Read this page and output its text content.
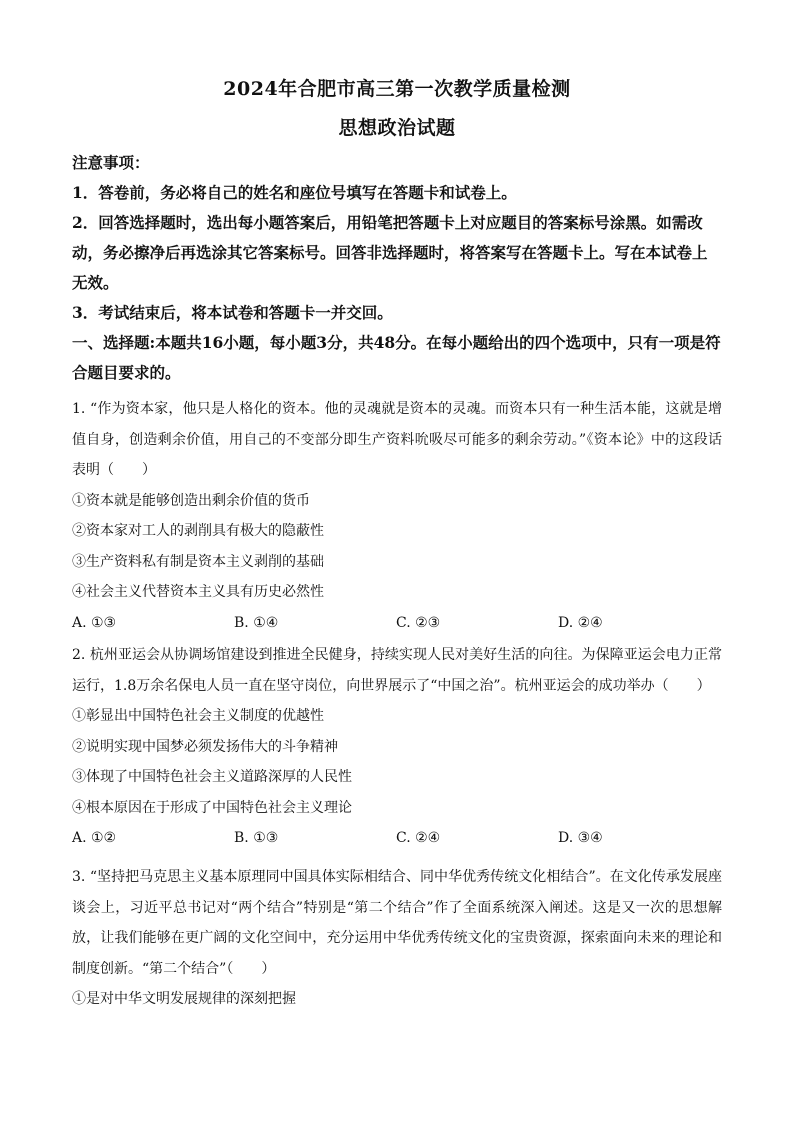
2024年合肥市高三第一次教学质量检测
思想政治试题

注意事项：

1．答卷前，务必将自己的姓名和座位号填写在答题卡和试卷上。

2．回答选择题时，选出每小题答案后，用铅笔把答题卡上对应题目的答案标号涂黑。如需改动，务必擦净后再选涂其它答案标号。回答非选择题时，将答案写在答题卡上。写在本试卷上无效。

3．考试结束后，将本试卷和答题卡一并交回。

一、选择题:本题共16小题，每小题3分，共48分。在每小题给出的四个选项中，只有一项是符合题目要求的。

1. “作为资本家，他只是人格化的资本。他的灵魂就是资本的灵魂。而资本只有一种生活本能，这就是增值自身，创造剩余价值，用自己的不变部分即生产资料吮吸尽可能多的剩余劳动。”《资本论》中的这段话表明（　　）

①资本就是能够创造出剩余价值的货币

②资本家对工人的剥削具有极大的隐蔽性

③生产资料私有制是资本主义剥削的基础

④社会主义代替资本主义具有历史必然性

A. ①③	B. ①④	C. ②③	D. ②④

2. 杭州亚运会从协调场馆建设到推进全民健身，持续实现人民对美好生活的向往。为保障亚运会电力正常运行，1.8万余名保电人员一直在坚守岗位，向世界展示了“中国之治”。杭州亚运会的成功举办（　　）

①彰显出中国特色社会主义制度的优越性

②说明实现中国梦必须发扬伟大的斗争精神

③体现了中国特色社会主义道路深厚的人民性

④根本原因在于形成了中国特色社会主义理论

A. ①②	B. ①③	C. ②④	D. ③④

3. “坚持把马克思主义基本原理同中国具体实际相结合、同中华优秀传统文化相结合”。在文化传承发展座谈会上，习近平总书记对“两个结合”特别是“第二个结合”作了全面系统深入阐述。这是又一次的思想解放，让我们能够在更广阔的文化空间中，充分运用中华优秀传统文化的宝贵资源，探索面向未来的理论和制度创新。“第二个结合”（　　）

①是对中华文明发展规律的深刻把握
